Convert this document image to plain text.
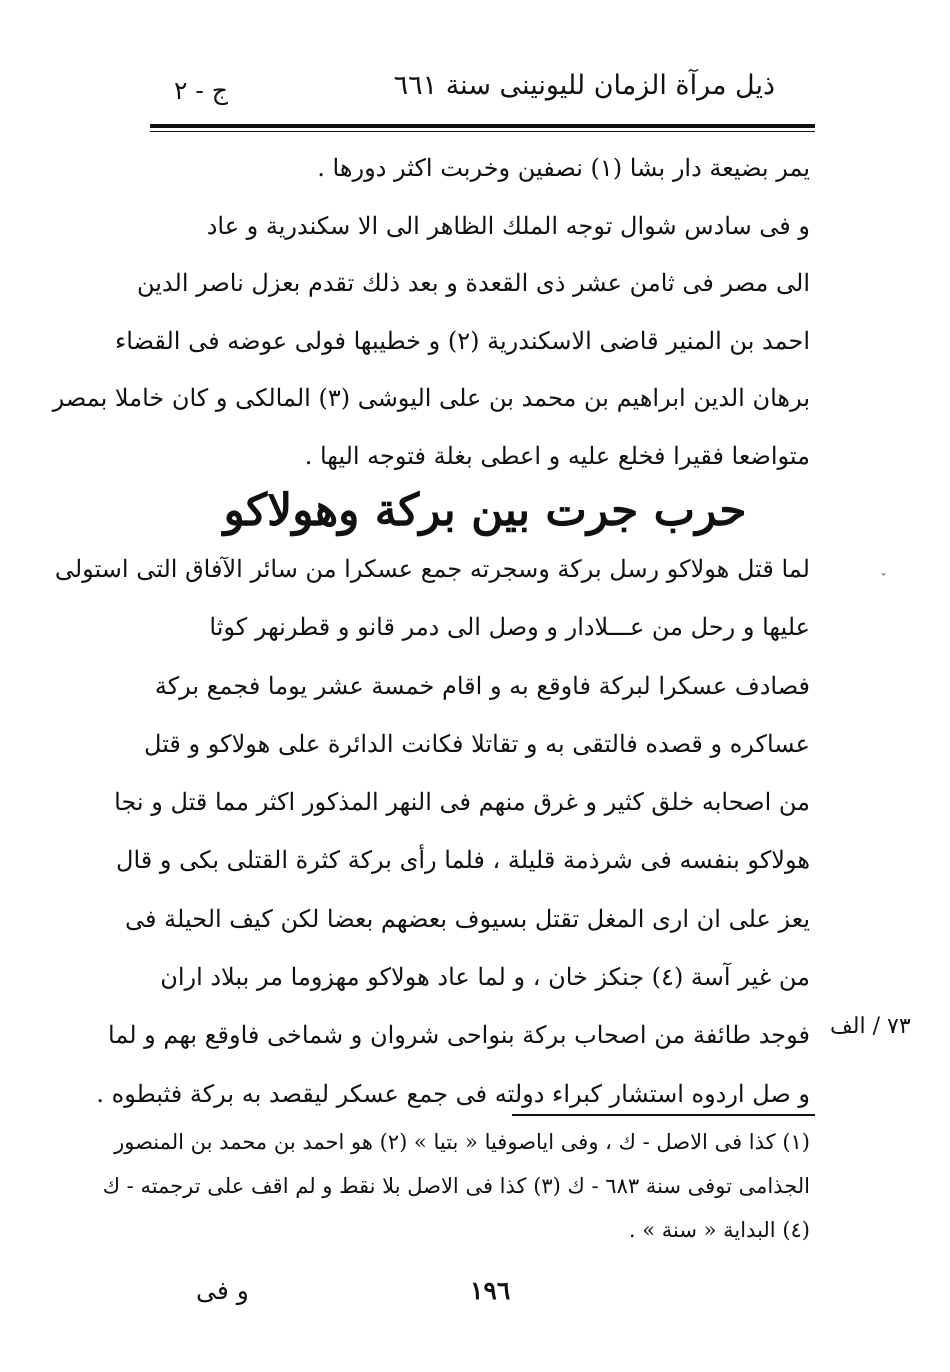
ذيل مرآة الزمان لليونينى سنة ٦٦١
ج - ٢
يمر بضيعة دار بشا (١) نصفين وخربت اكثر دورها .
و فى سادس شوال توجه الملك الظاهر الى الا سكندرية و عاد
الى مصر فى ثامن عشر ذى القعدة و بعد ذلك تقدم بعزل ناصر الدين
احمد بن المنير قاضى الاسكندرية (٢) و خطيبها فولى عوضه فى القضاء
برهان الدين ابراهيم بن محمد بن على اليوشى (٣) المالكى و كان خاملا بمصر
متواضعا فقيرا فخلع عليه و اعطى بغلة فتوجه اليها .
حرب جرت بين بركة وهولاكو
لما قتل هولاكو رسل بركة وسجرته جمع عسكرا من سائر الآفاق التى استولى
عليها و رحل من عـــلادار و وصل الى دمر قانو و قطرنهر كوثا
فصادف عسكرا لبركة فاوقع به و اقام خمسة عشر يوما فجمع بركة
عساكره و قصده فالتقى به و تقاتلا فكانت الدائرة على هولاكو و قتل
من اصحابه خلق كثير و غرق منهم فى النهر المذكور اكثر مما قتل و نجا
هولاكو بنفسه فى شرذمة قليلة ، فلما رأى بركة كثرة القتلى بكى و قال
يعز على ان ارى المغل تقتل بسيوف بعضهم بعضا لكن كيف الحيلة فى
من غير آسة (٤) جنكز خان ، و لما عاد هولاكو مهزوما مر ببلاد اران
فوجد طائفة من اصحاب بركة بنواحى شروان و شماخى فاوقع بهم و لما
و صل اردوه استشار كبراء دولته فى جمع عسكر ليقصد به بركة فثبطوه .
ˇ
٧٣ / الف
(١) كذا فى الاصل - ك ، وفى اياصوفيا « بتيا » (٢) هو احمد بن محمد بن المنصور
الجذامى توفى سنة ٦٨٣ - ك (٣) كذا فى الاصل بلا نقط و لم اقف على ترجمته - ك
(٤) البداية « سنة » .
و فى	١٩٦
